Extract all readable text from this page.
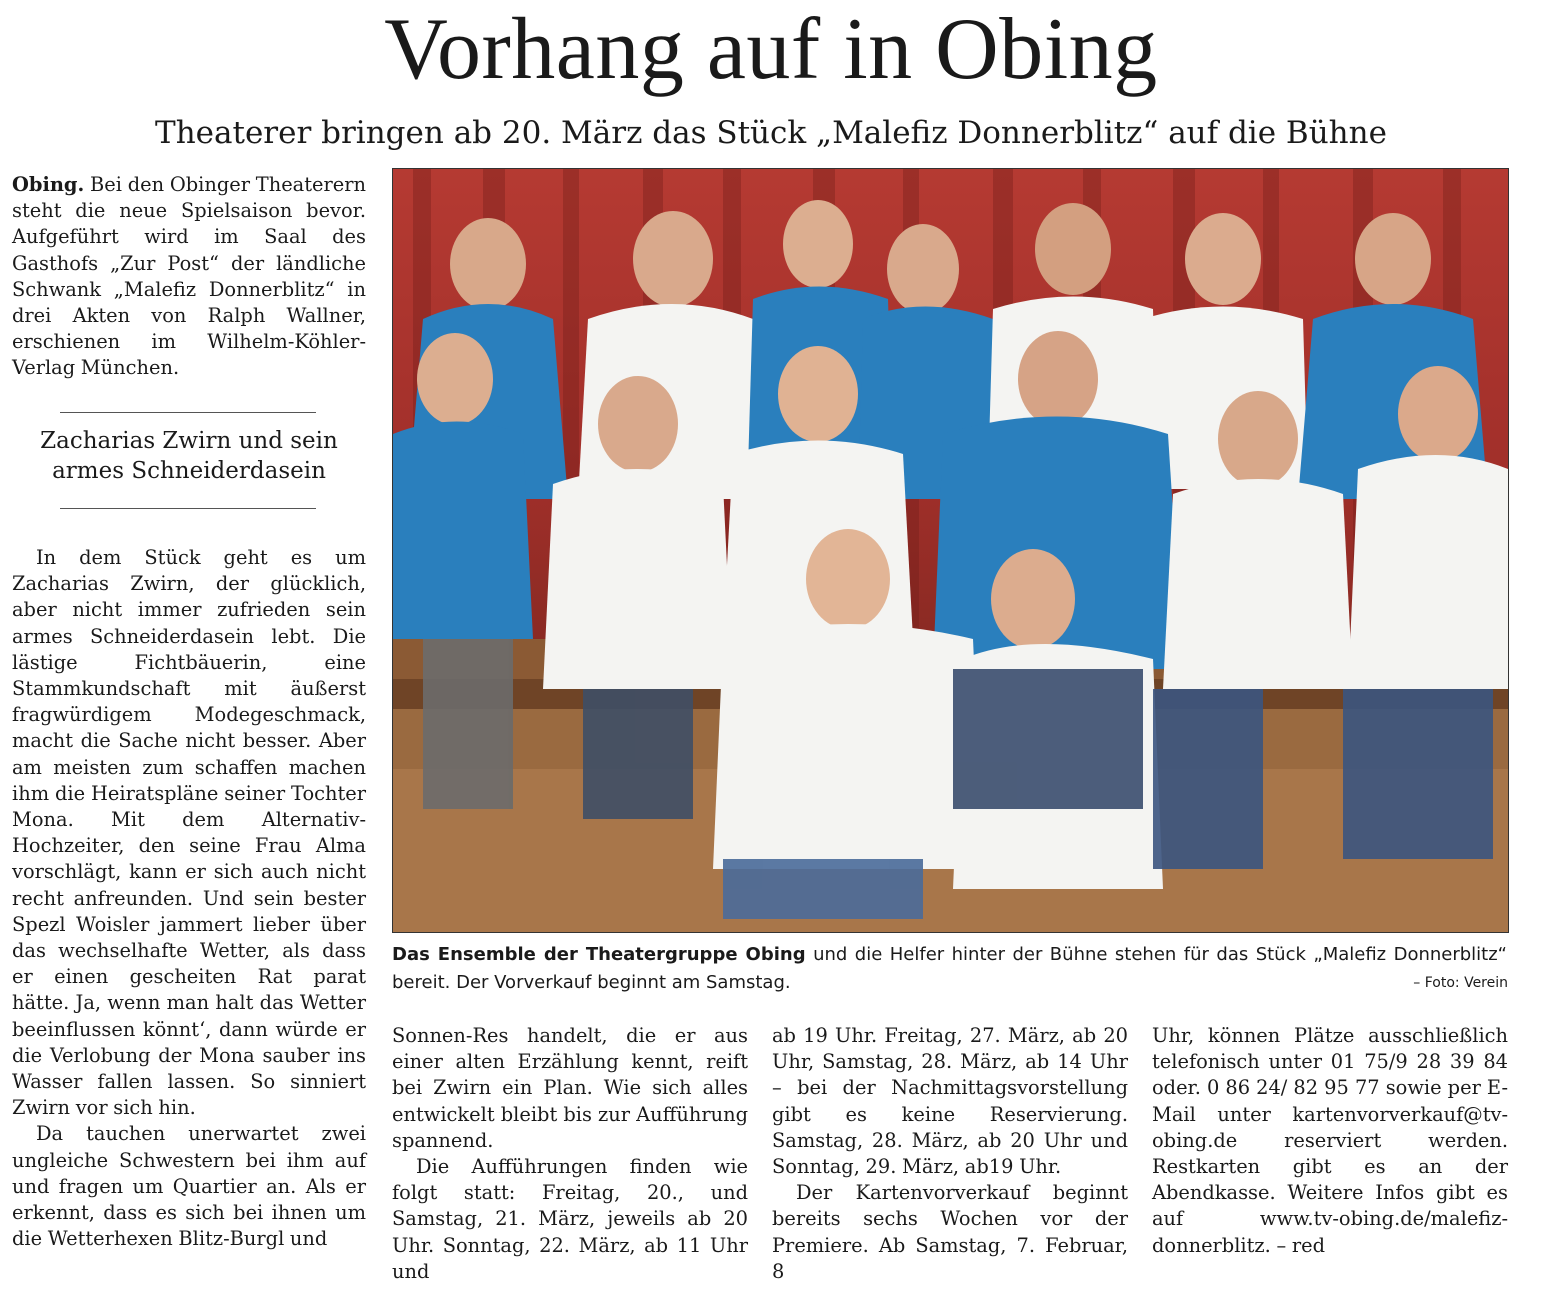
Vorhang auf in Obing
Theaterer bringen ab 20. März das Stück „Malefiz Donnerblitz“ auf die Bühne

Obing. Bei den Obinger Theaterern steht die neue Spielsaison bevor. Aufgeführt wird im Saal des Gasthofs „Zur Post“ der ländliche Schwank „Malefiz Donnerblitz“ in drei Akten von Ralph Wallner, erschienen im Wilhelm-Köhler-Verlag München.

Zacharias Zwirn und sein armes Schneiderdasein

In dem Stück geht es um Zacharias Zwirn, der glücklich, aber nicht immer zufrieden sein armes Schneiderdasein lebt. Die lästige Fichtbäuerin, eine Stammkundschaft mit äußerst fragwürdigem Modegeschmack, macht die Sache nicht besser. Aber am meisten zum schaffen machen ihm die Heiratspläne seiner Tochter Mona. Mit dem Alternativ-Hochzeiter, den seine Frau Alma vorschlägt, kann er sich auch nicht recht anfreunden. Und sein bester Spezl Woisler jammert lieber über das wechselhafte Wetter, als dass er einen gescheiten Rat parat hätte. Ja, wenn man halt das Wetter beeinflussen könnt‘, dann würde er die Verlobung der Mona sauber ins Wasser fallen lassen. So sinniert Zwirn vor sich hin.

Da tauchen unerwartet zwei ungleiche Schwestern bei ihm auf und fragen um Quartier an. Als er erkennt, dass es sich bei ihnen um die Wetterhexen Blitz-Burgl und

Das Ensemble der Theatergruppe Obing und die Helfer hinter der Bühne stehen für das Stück „Malefiz Donnerblitz“ bereit. Der Vorverkauf beginnt am Samstag.	– Foto: Verein

Sonnen-Res handelt, die er aus einer alten Erzählung kennt, reift bei Zwirn ein Plan. Wie sich alles entwickelt bleibt bis zur Aufführung spannend.

Die Aufführungen finden wie folgt statt: Freitag, 20., und Samstag, 21. März, jeweils ab 20 Uhr. Sonntag, 22. März, ab 11 Uhr und

ab 19 Uhr. Freitag, 27. März, ab 20 Uhr, Samstag, 28. März, ab 14 Uhr – bei der Nachmittagsvorstellung gibt es keine Reservierung. Samstag, 28. März, ab 20 Uhr und Sonntag, 29. März, ab19 Uhr.

Der Kartenvorverkauf beginnt bereits sechs Wochen vor der Premiere. Ab Samstag, 7. Februar, 8

Uhr, können Plätze ausschließlich telefonisch unter 01 75/9 28 39 84 oder. 0 86 24/ 82 95 77 sowie per E-Mail unter kartenvorverkauf@tv-obing.de reserviert werden. Restkarten gibt es an der Abendkasse. Weitere Infos gibt es auf www.tv-obing.de/malefiz-donnerblitz. – red
